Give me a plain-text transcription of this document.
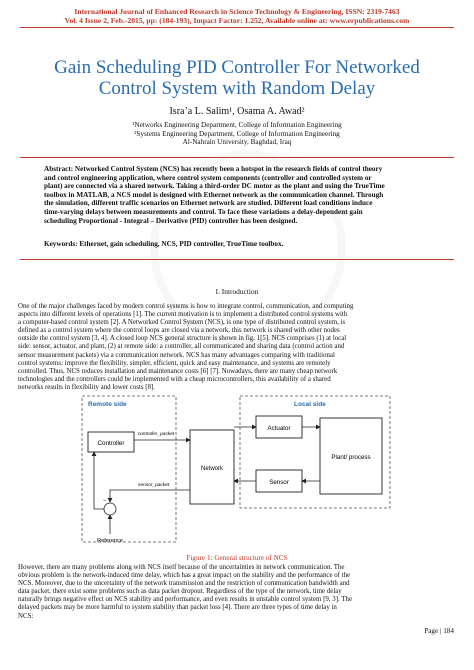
International Journal of Enhanced Research in Science Technology & Engineering, ISSN: 2319-7463
Vol. 4 Issue 2, Feb.-2015, pp: (184-193), Impact Factor: 1.252, Available online at: www.erpublications.com
Gain Scheduling PID Controller For Networked
Control System with Random Delay
Isra’a L. Salim¹, Osama A. Awad²
¹Networks Engineering Department, College of Information Engineering
²Systems Engineering Department, College of Information Engineering
Al-Nahrain University, Baghdad, Iraq
Abstract: Networked Control System (NCS) has recently been a hotspot in the research fields of control theory
and control engineering application, where control system components (controller and controlled system or
plant) are connected via a shared network. Taking a third-order DC motor as the plant and using the TrueTime
toolbox in MATLAB, a NCS model is designed with Ethernet network as the communication channel. Through
the simulation, different traffic scenarios on Ethernet network are studied. Different load conditions induce
time-varying delays between measurements and control. To face these variations a delay-dependent gain
scheduling Proportional - Integral – Derivative (PID) controller has been designed.
Keywords: Ethernet, gain scheduling, NCS, PID controller, TrueTime toolbox.
I. Introduction
One of the major challenges faced by modern control systems is how to integrate control, communication, and computing
aspects into different levels of operations [1]. The current motivation is to implement a distributed control systems with
a computer-based control system [2]. A Networked Control System (NCS), is one type of distributed control system, is
defined as a control system where the control loops are closed via a network, this network is shared with other nodes
outside the control system [3, 4]. A closed loop NCS general structure is shown in fig. 1[5]. NCS comprises (1) at local
side: sensor, actuator, and plant, (2) at remote side: a controller, all communicated and sharing data (control action and
sensor measurement packets) via a communication network. NCS has many advantages comparing with traditional
control systems: improve the flexibility, simpler, efficient, quick and easy maintenance, and systems are remotely
controlled. Thus, NCS reduces installation and maintenance costs [6] [7]. Nowadays, there are many cheap network
technologies and the controllers could be implemented with a cheap microcontrollers, this availability of a shared
networks results in flexibility and lower costs [8].
Remote side	Local side
Controller
Network
Actuator
Sensor
Plant/ process
controller_packet
sensor_packet
−
Reference
Figure 1: General structure of NCS
However, there are many problems along with NCS itself because of the uncertainties in network communication. The
obvious problem is the network-induced time delay, which has a great impact on the stability and the performance of the
NCS. Moreover, due to the uncertainty of the network transmission and the restriction of communication bandwidth and
data packet, there exist some problems such as data packet dropout. Regardless of the type of the network, time delay
naturally brings negative effect on NCS stability and performance, and even results in unstable control system [9, 3]. The
delayed packets may be more harmful to system stability than packet loss [4]. There are three types of time delay in
NCS:
Page | 184
